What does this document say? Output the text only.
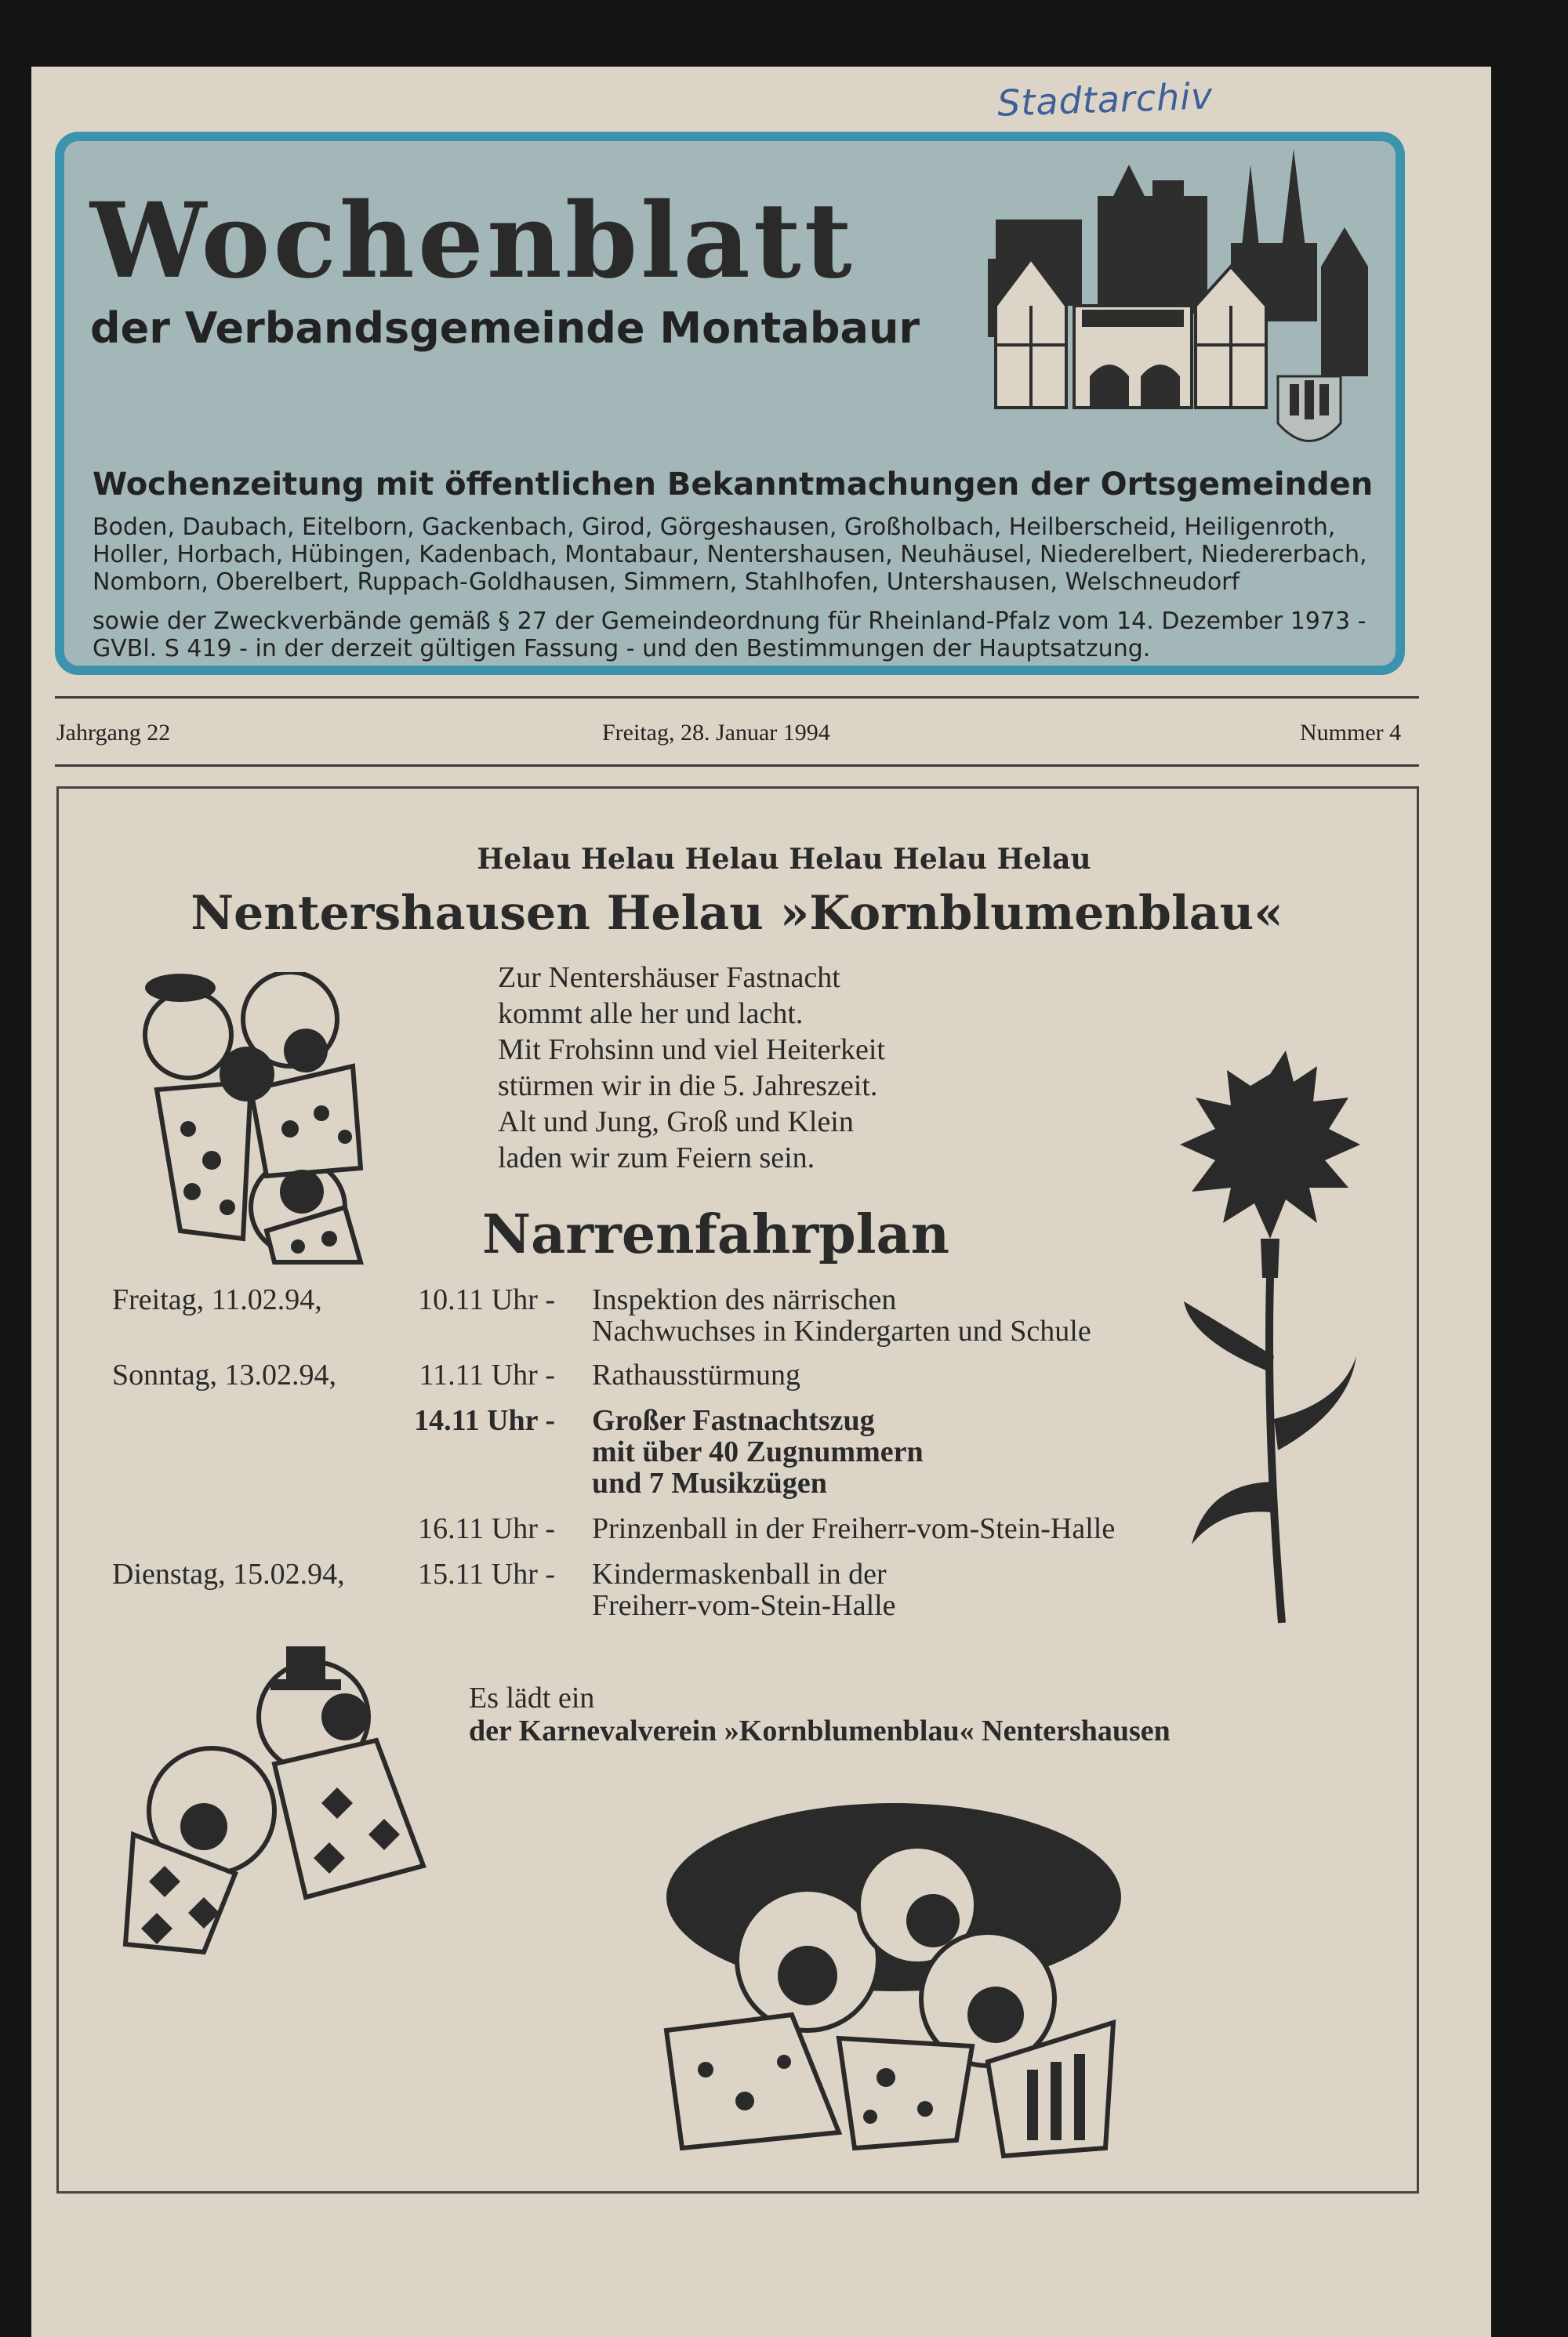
Stadtarchiv
Wochenblatt
der Verbandsgemeinde Montabaur
Wochenzeitung mit öffentlichen Bekanntmachungen der Ortsgemeinden
Boden, Daubach, Eitelborn, Gackenbach, Girod, Görgeshausen, Großholbach, Heilberscheid, Heiligenroth, Holler, Horbach, Hübingen, Kadenbach, Montabaur, Nentershausen, Neuhäusel, Niederelbert, Niedererbach, Nomborn, Oberelbert, Ruppach-Goldhausen, Simmern, Stahlhofen, Untershausen, Welschneudorf
sowie der Zweckverbände gemäß § 27 der Gemeindeordnung für Rheinland-Pfalz vom 14. Dezember 1973 - GVBl. S 419 - in der derzeit gültigen Fassung - und den Bestimmungen der Hauptsatzung.
Jahrgang 22	Freitag, 28. Januar 1994	Nummer 4
Helau Helau Helau Helau Helau Helau
Nentershausen Helau »Kornblumenblau«
Zur Nentershäuser Fastnacht
kommt alle her und lacht.
Mit Frohsinn und viel Heiterkeit
stürmen wir in die 5. Jahreszeit.
Alt und Jung, Groß und Klein
laden wir zum Feiern sein.
Narrenfahrplan
Freitag, 11.02.94,	10.11 Uhr - Inspektion des närrischen
Nachwuchses in Kindergarten und Schule
Sonntag, 13.02.94,	11.11 Uhr - Rathausstürmung
14.11 Uhr - Großer Fastnachtszug
mit über 40 Zugnummern
und 7 Musikzügen
16.11 Uhr - Prinzenball in der Freiherr-vom-Stein-Halle
Dienstag, 15.02.94,	15.11 Uhr - Kindermaskenball in der
Freiherr-vom-Stein-Halle
Es lädt ein
der Karnevalverein »Kornblumenblau« Nentershausen
